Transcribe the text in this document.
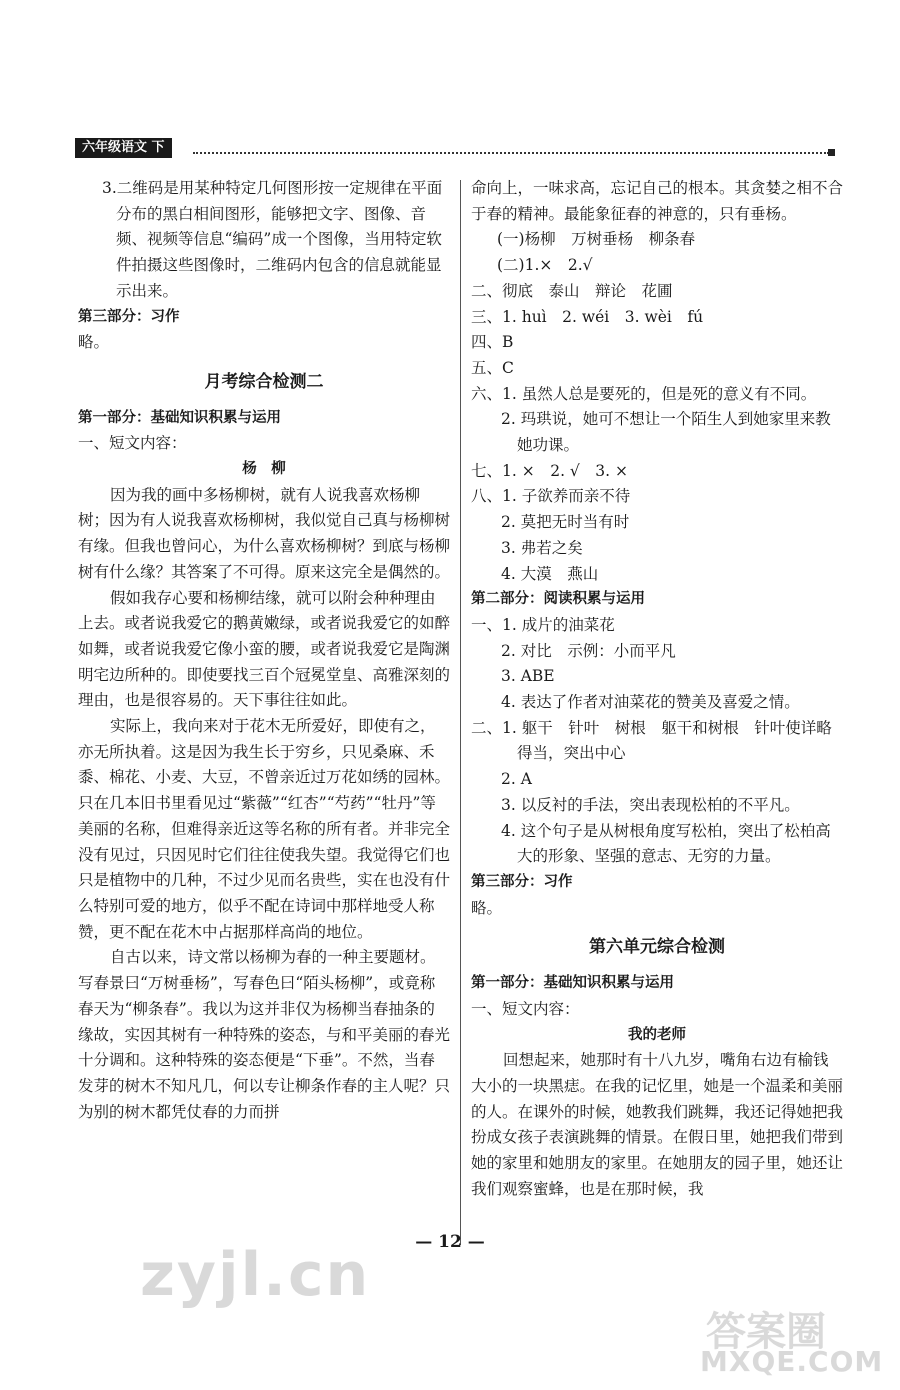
六年级语文 下

3.二维码是用某种特定几何图形按一定规律在平面分布的黑白相间图形，能够把文字、图像、音频、视频等信息“编码”成一个图像，当用特定软件拍摄这些图像时，二维码内包含的信息就能显示出来。

第三部分：习作

略。

月考综合检测二

第一部分：基础知识积累与运用

一、短文内容：

杨　柳

因为我的画中多杨柳树，就有人说我喜欢杨柳树；因为有人说我喜欢杨柳树，我似觉自己真与杨柳树有缘。但我也曾问心，为什么喜欢杨柳树？到底与杨柳树有什么缘？其答案了不可得。原来这完全是偶然的。

假如我存心要和杨柳结缘，就可以附会种种理由上去。或者说我爱它的鹅黄嫩绿，或者说我爱它的如醉如舞，或者说我爱它像小蛮的腰，或者说我爱它是陶渊明宅边所种的。即使要找三百个冠冕堂皇、高雅深刻的理由，也是很容易的。天下事往往如此。

实际上，我向来对于花木无所爱好，即使有之，亦无所执着。这是因为我生长于穷乡，只见桑麻、禾黍、棉花、小麦、大豆，不曾亲近过万花如绣的园林。只在几本旧书里看见过“紫薇”“红杏”“芍药”“牡丹”等美丽的名称，但难得亲近这等名称的所有者。并非完全没有见过，只因见时它们往往使我失望。我觉得它们也只是植物中的几种，不过少见而名贵些，实在也没有什么特别可爱的地方，似乎不配在诗词中那样地受人称赞，更不配在花木中占据那样高尚的地位。

自古以来，诗文常以杨柳为春的一种主要题材。写春景曰“万树垂杨”，写春色曰“陌头杨柳”，或竟称春天为“柳条春”。我以为这并非仅为杨柳当春抽条的缘故，实因其树有一种特殊的姿态，与和平美丽的春光十分调和。这种特殊的姿态便是“下垂”。不然，当春发芽的树木不知凡几，何以专让柳条作春的主人呢？只为别的树木都凭仗春的力而拼

命向上，一味求高，忘记自己的根本。其贪婪之相不合于春的精神。最能象征春的神意的，只有垂杨。

(一)杨柳　万树垂杨　柳条春

(二)1.×　2.√

二、彻底　泰山　辩论　花圃

三、1. huì　2. wéi　3. wèi　fú

四、B

五、C

六、1. 虽然人总是要死的，但是死的意义有不同。

2. 玛珙说，她可不想让一个陌生人到她家里来教她功课。

七、1. ×　2. √　3. ×

八、1. 子欲养而亲不待

2. 莫把无时当有时

3. 弗若之矣

4. 大漠　燕山

第二部分：阅读积累与运用

一、1. 成片的油菜花

2. 对比　示例：小而平凡

3. ABE

4. 表达了作者对油菜花的赞美及喜爱之情。

二、1. 躯干　针叶　树根　躯干和树根　针叶使详略得当，突出中心

2. A

3. 以反衬的手法，突出表现松柏的不平凡。

4. 这个句子是从树根角度写松柏，突出了松柏高大的形象、坚强的意志、无穷的力量。

第三部分：习作

略。

第六单元综合检测

第一部分：基础知识积累与运用

一、短文内容：

我的老师

回想起来，她那时有十八九岁，嘴角右边有榆钱大小的一块黑痣。在我的记忆里，她是一个温柔和美丽的人。在课外的时候，她教我们跳舞，我还记得她把我扮成女孩子表演跳舞的情景。在假日里，她把我们带到她的家里和她朋友的家里。在她朋友的园子里，她还让我们观察蜜蜂，也是在那时候，我

— 12 —
zyjl.cn
答案圈
MXQE.COM
